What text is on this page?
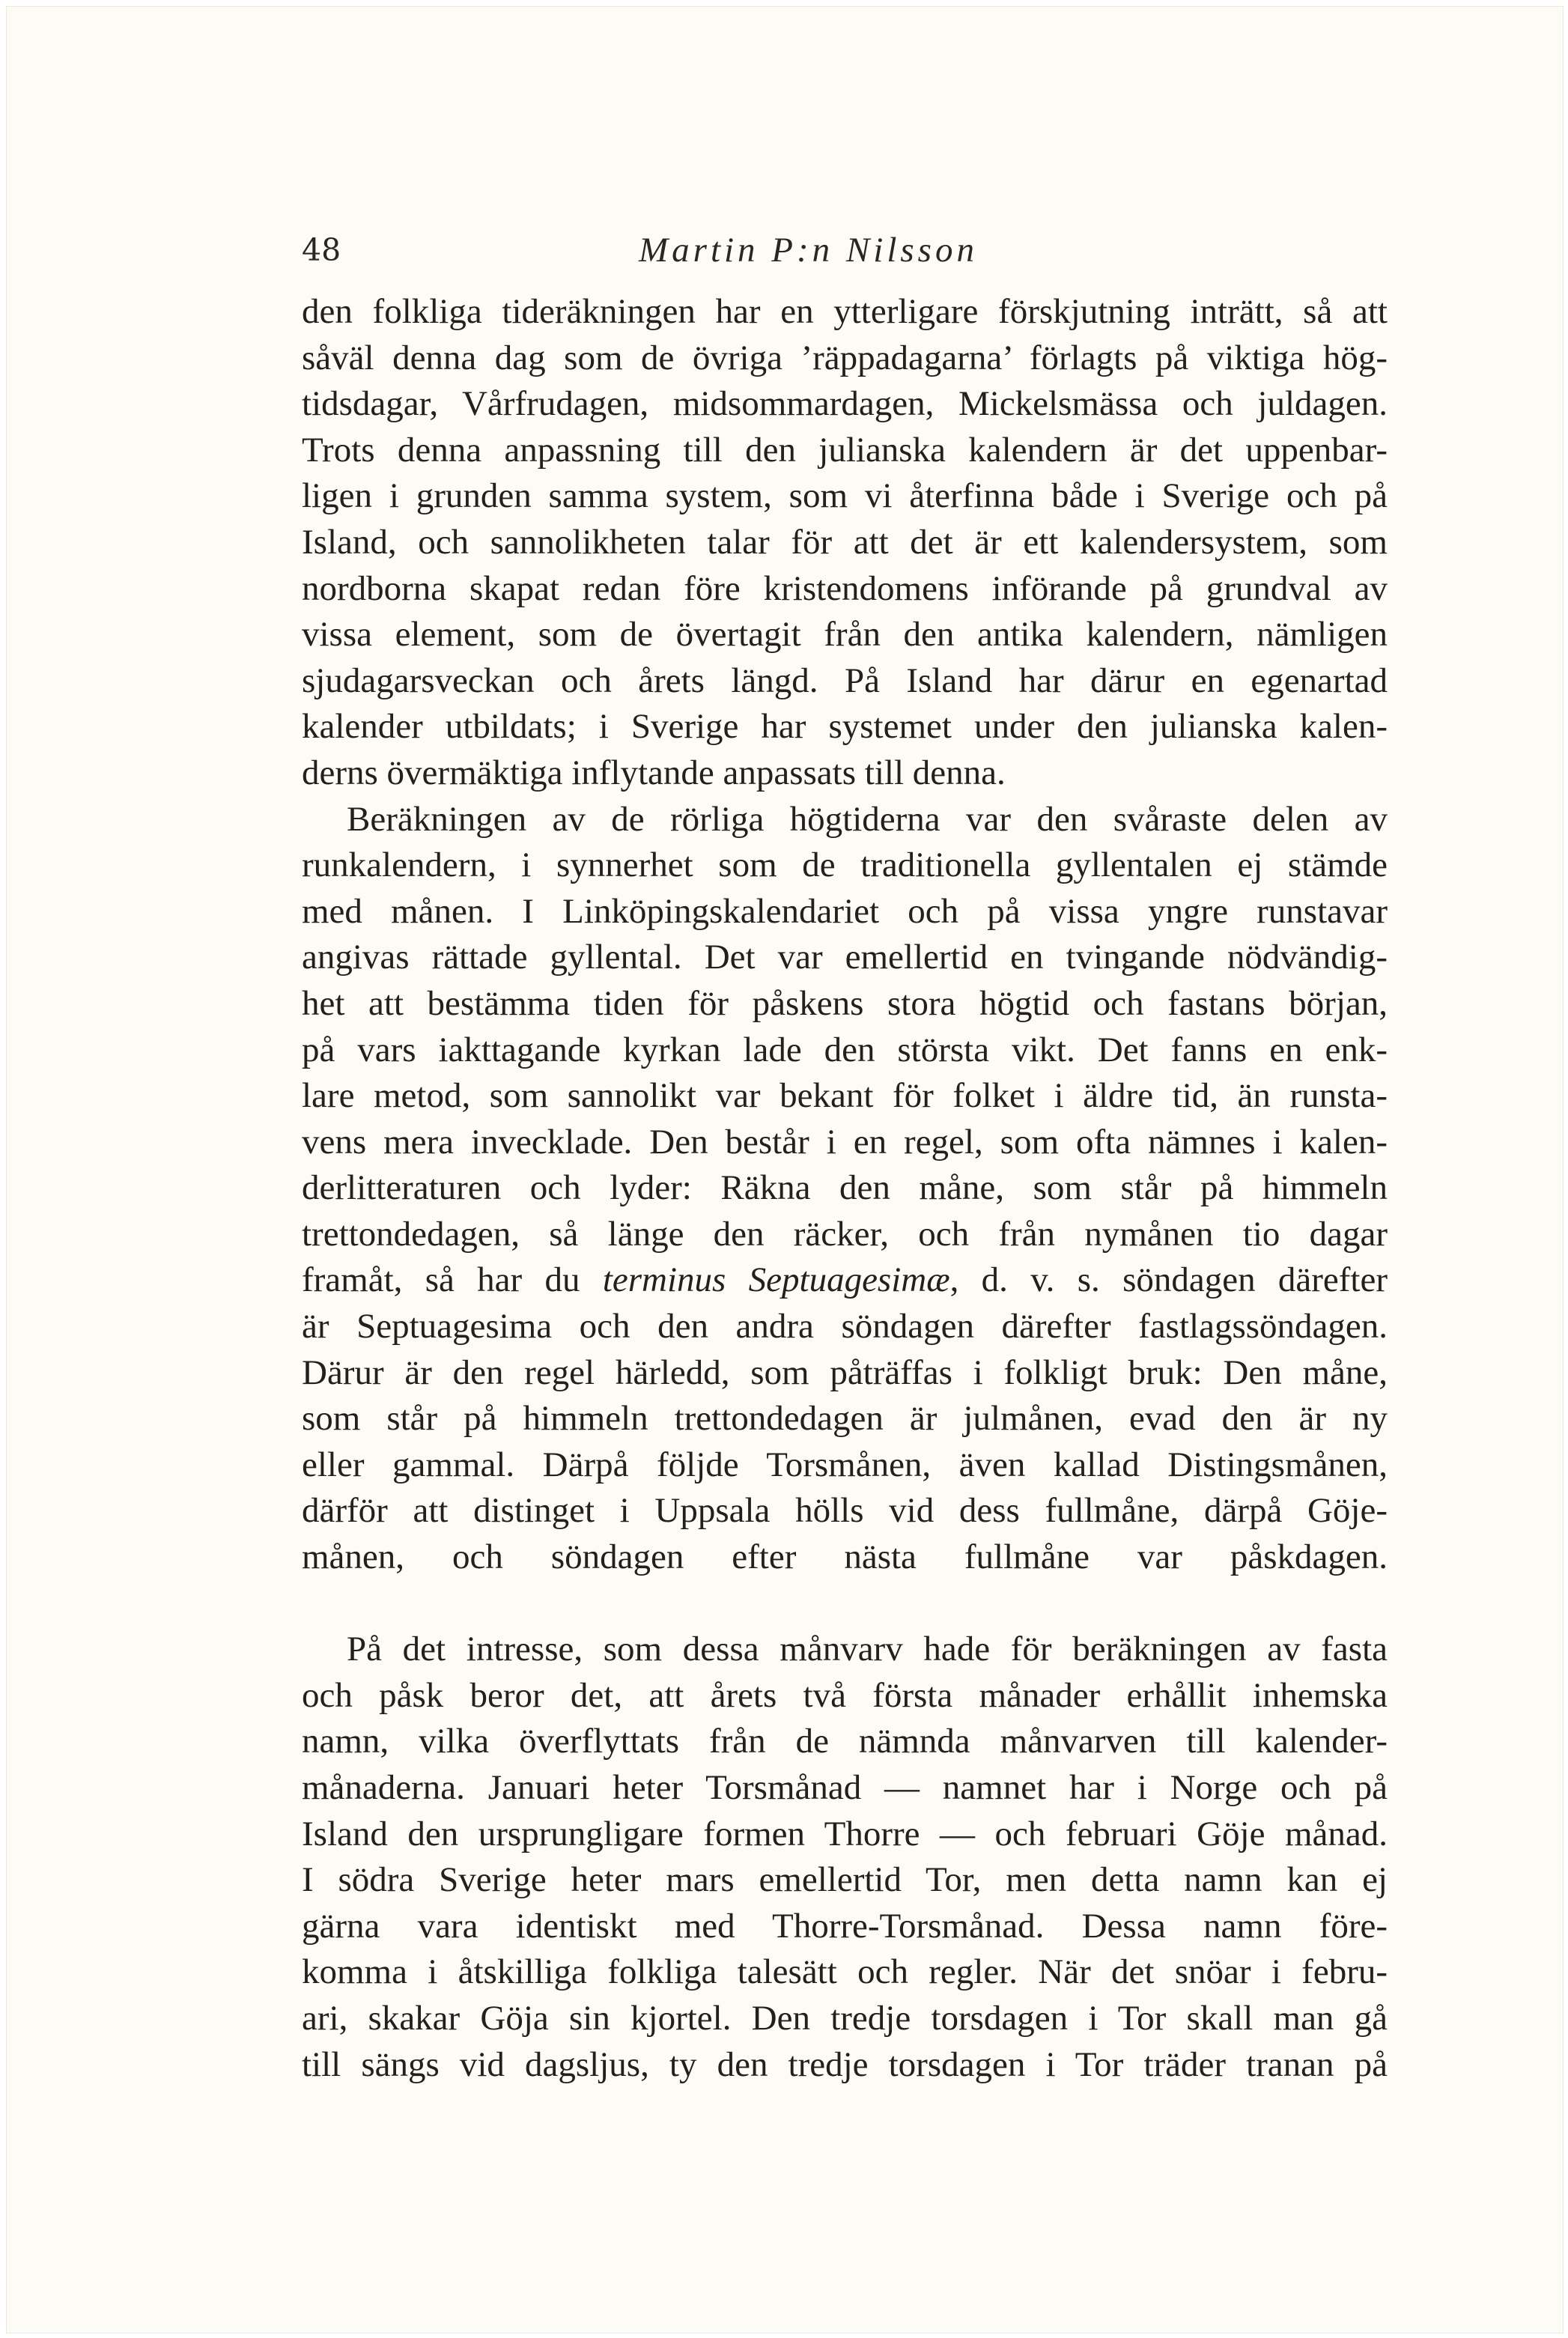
48	Martin P:n Nilsson
den folkliga tideräkningen har en ytterligare förskjutning inträtt, så att
såväl denna dag som de övriga ’räppadagarna’ förlagts på viktiga hög-
tidsdagar, Vårfrudagen, midsommardagen, Mickelsmässa och juldagen.
Trots denna anpassning till den julianska kalendern är det uppenbar-
ligen i grunden samma system, som vi återfinna både i Sverige och på
Island, och sannolikheten talar för att det är ett kalendersystem, som
nordborna skapat redan före kristendomens införande på grundval av
vissa element, som de övertagit från den antika kalendern, nämligen
sjudagarsveckan och årets längd. På Island har därur en egenartad
kalender utbildats; i Sverige har systemet under den julianska kalen-
derns övermäktiga inflytande anpassats till denna.
Beräkningen av de rörliga högtiderna var den svåraste delen av
runkalendern, i synnerhet som de traditionella gyllentalen ej stämde
med månen. I Linköpingskalendariet och på vissa yngre runstavar
angivas rättade gyllental. Det var emellertid en tvingande nödvändig-
het att bestämma tiden för påskens stora högtid och fastans början,
på vars iakttagande kyrkan lade den största vikt. Det fanns en enk-
lare metod, som sannolikt var bekant för folket i äldre tid, än runsta-
vens mera invecklade. Den består i en regel, som ofta nämnes i kalen-
derlitteraturen och lyder: Räkna den måne, som står på himmeln
trettondedagen, så länge den räcker, och från nymånen tio dagar
framåt, så har du terminus Septuagesimæ, d. v. s. söndagen därefter
är Septuagesima och den andra söndagen därefter fastlagssöndagen.
Därur är den regel härledd, som påträffas i folkligt bruk: Den måne,
som står på himmeln trettondedagen är julmånen, evad den är ny
eller gammal. Därpå följde Torsmånen, även kallad Distingsmånen,
därför att distinget i Uppsala hölls vid dess fullmåne, därpå Göje-
månen, och söndagen efter nästa fullmåne var påskdagen.
På det intresse, som dessa månvarv hade för beräkningen av fasta
och påsk beror det, att årets två första månader erhållit inhemska
namn, vilka överflyttats från de nämnda månvarven till kalender-
månaderna. Januari heter Torsmånad — namnet har i Norge och på
Island den ursprungligare formen Thorre — och februari Göje månad.
I södra Sverige heter mars emellertid Tor, men detta namn kan ej
gärna vara identiskt med Thorre-Torsmånad. Dessa namn före-
komma i åtskilliga folkliga talesätt och regler. När det snöar i febru-
ari, skakar Göja sin kjortel. Den tredje torsdagen i Tor skall man gå
till sängs vid dagsljus, ty den tredje torsdagen i Tor träder tranan på
